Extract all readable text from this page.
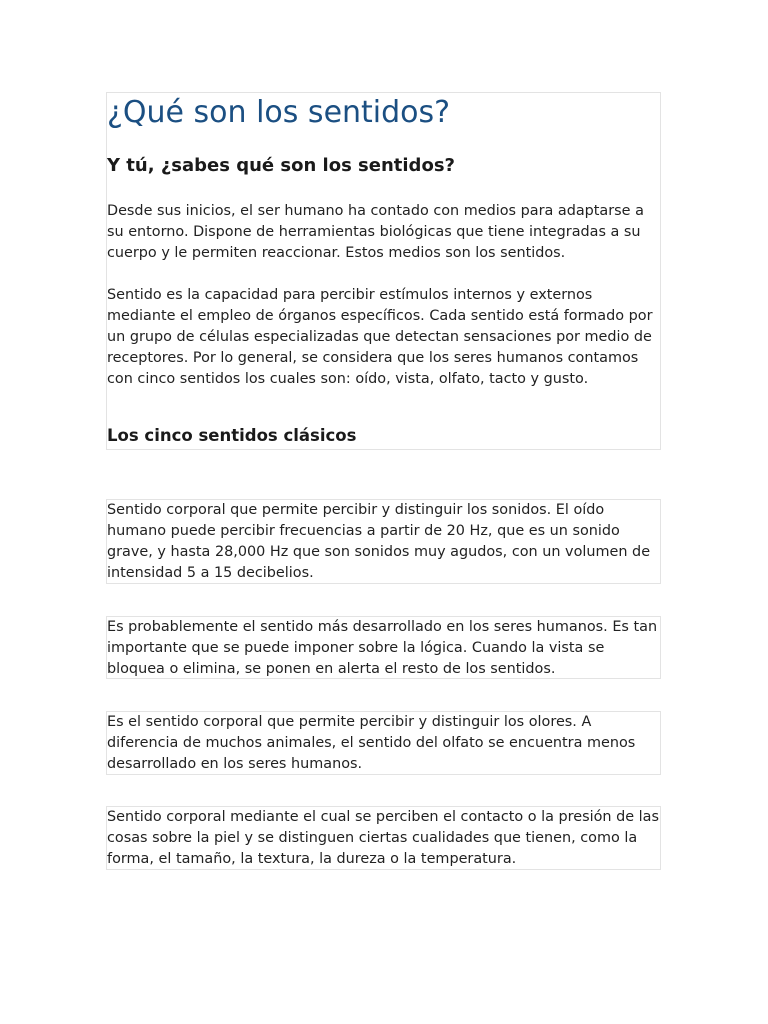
¿Qué son los sentidos?
Y tú, ¿sabes qué son los sentidos?

Desde sus inicios, el ser humano ha contado con medios para adaptarse a su entorno. Dispone de herramientas biológicas que tiene integradas a su cuerpo y le permiten reaccionar. Estos medios son los sentidos.

Sentido es la capacidad para percibir estímulos internos y externos mediante el empleo de órganos específicos. Cada sentido está formado por un grupo de células especializadas que detectan sensaciones por medio de receptores. Por lo general, se considera que los seres humanos contamos con cinco sentidos los cuales son: oído, vista, olfato, tacto y gusto.

Los cinco sentidos clásicos

Sentido corporal que permite percibir y distinguir los sonidos. El oído humano puede percibir frecuencias a partir de 20 Hz, que es un sonido grave, y hasta 28,000 Hz que son sonidos muy agudos, con un volumen de intensidad 5 a 15 decibelios.

Es probablemente el sentido más desarrollado en los seres humanos. Es tan importante que se puede imponer sobre la lógica. Cuando la vista se bloquea o elimina, se ponen en alerta el resto de los sentidos.

Es el sentido corporal que permite percibir y distinguir los olores. A diferencia de muchos animales, el sentido del olfato se encuentra menos desarrollado en los seres humanos.

Sentido corporal mediante el cual se perciben el contacto o la presión de las cosas sobre la piel y se distinguen ciertas cualidades que tienen, como la forma, el tamaño, la textura, la dureza o la temperatura.
